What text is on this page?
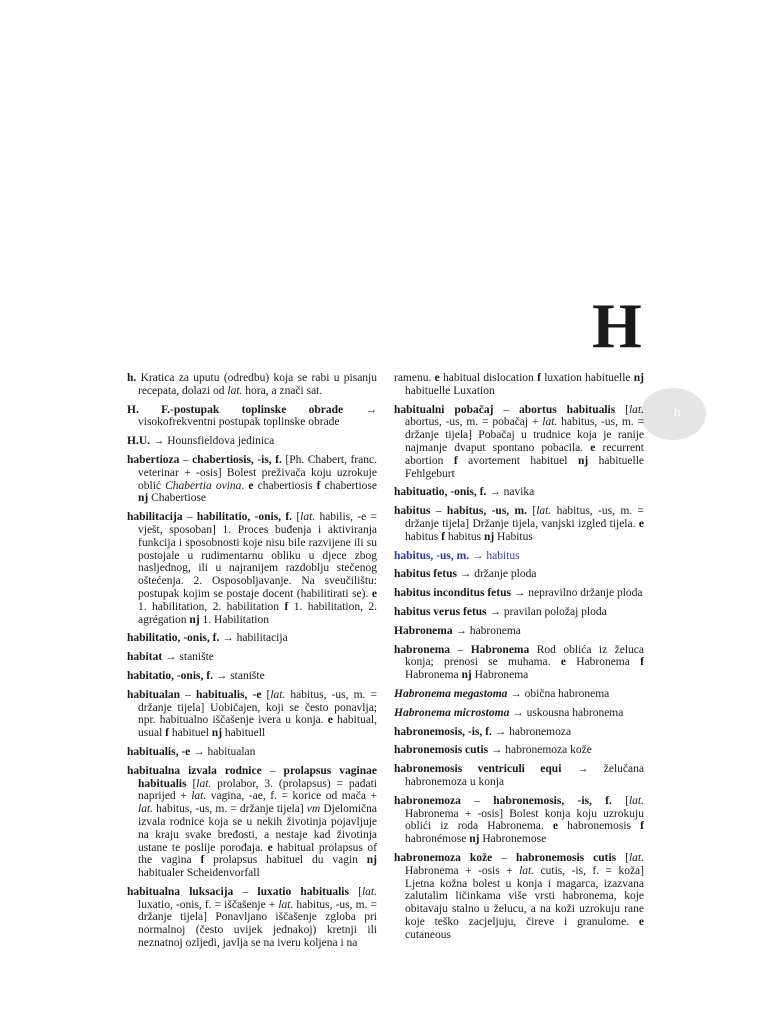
H
h

h. Kratica za uputu (odredbu) koja se rabi u pisanju recepata, dolazi od lat. hora, a znači sat.

H. F.-postupak toplinske obrade → visokofrekventni postupak toplinske obrade

H.U. → Hounsfieldova jedinica

habertioza – chabertiosis, -is, f. [Ph. Chabert, franc. veterinar + -osis] Bolest preživača koju uzrokuje oblić Chabertia ovina. e chabertiosis f chabertiose nj Chabertiose

habilitacija – habilitatio, -onis, f. [lat. habilis, -e = vješt, sposoban] 1. Proces buđenja i aktiviranja funkcija i sposobnosti koje nisu bile razvijene ili su postojale u rudimentarnu obliku u djece zbog nasljednog, ili u najranijem razdoblju stečenog oštećenja. 2. Osposobljavanje. Na sveučilištu: postupak kojim se postaje docent (habilitirati se). e 1. habilitation, 2. habilitation f 1. habilitation, 2. agrégation nj 1. Habilitation

habilitatio, -onis, f. → habilitacija

habitat → stanište

habitatio, -onis, f. → stanište

habitualan – habitualis, -e [lat. habitus, -us, m. = držanje tijela] Uobičajen, koji se često ponavlja; npr. habitualno iščašenje ivera u konja. e habitual, usual f habituel nj habituell

habitualis, -e → habitualan

habitualna izvala rodnice – prolapsus vaginae habitualis [lat. prolabor, 3. (prolapsus) = padati naprijed + lat. vagina, -ae, f. = korice od mača + lat. habitus, -us, m. = držanje tijela] vm Djelomična izvala rodnice koja se u nekih životinja pojavljuje na kraju svake bređosti, a nestaje kad životinja ustane te poslije porođaja. e habitual prolapsus of the vagina f prolapsus habituel du vagin nj habitualer Scheidenvorfall

habitualna luksacija – luxatio habitualis [lat. luxatio, -onis, f. = iščašenje + lat. habitus, -us, m. = držanje tijela] Ponavljano iščašenje zgloba pri normalnoj (često uvijek jednakoj) kretnji ili neznatnoj ozljedi, javlja se na iveru koljena i na

ramenu. e habitual dislocation f luxation habituelle nj habituelle Luxation

habitualni pobačaj – abortus habitualis [lat. abortus, -us, m. = pobačaj + lat. habitus, -us, m. = držanje tijela] Pobačaj u trudnice koja je ranije najmanje dvaput spontano pobacila. e recurrent abortion f avortement habituel nj habituelle Fehlgeburt

habituatio, -onis, f. → navika

habitus – habitus, -us, m. [lat. habitus, -us, m. = držanje tijela] Držanje tijela, vanjski izgled tijela. e habitus f habitus nj Habitus

habitus, -us, m. → habitus

habitus fetus → držanje ploda

habitus inconditus fetus → nepravilno držanje ploda

habitus verus fetus → pravilan položaj ploda

Habronema → habronema

habronema – Habronema Rod oblića iz želuca konja; prenosi se muhama. e Habronema f Habronema nj Habronema

Habronema megastoma → obična habronema

Habronema microstoma → uskousna habronema

habronemosis, -is, f. → habronemoza

habronemosis cutis → habronemoza kože

habronemosis ventriculi equi → želučana habronemoza u konja

habronemoza – habronemosis, -is, f. [lat. Habronema + -osis] Bolest konja koju uzrokuju oblići iz roda Habronema. e habronemosis f habronémose nj Habronemose

habronemoza kože – habronemosis cutis [lat. Habronema + -osis + lat. cutis, -is, f. = koža] Ljetna kožna bolest u konja i magarca, izazvana zalutalim ličinkama više vrsti habronema, koje obitavaju stalno u želucu, a na koži uzrokuju rane koje teško zacjeljuju, čireve i granulome. e cutaneous
